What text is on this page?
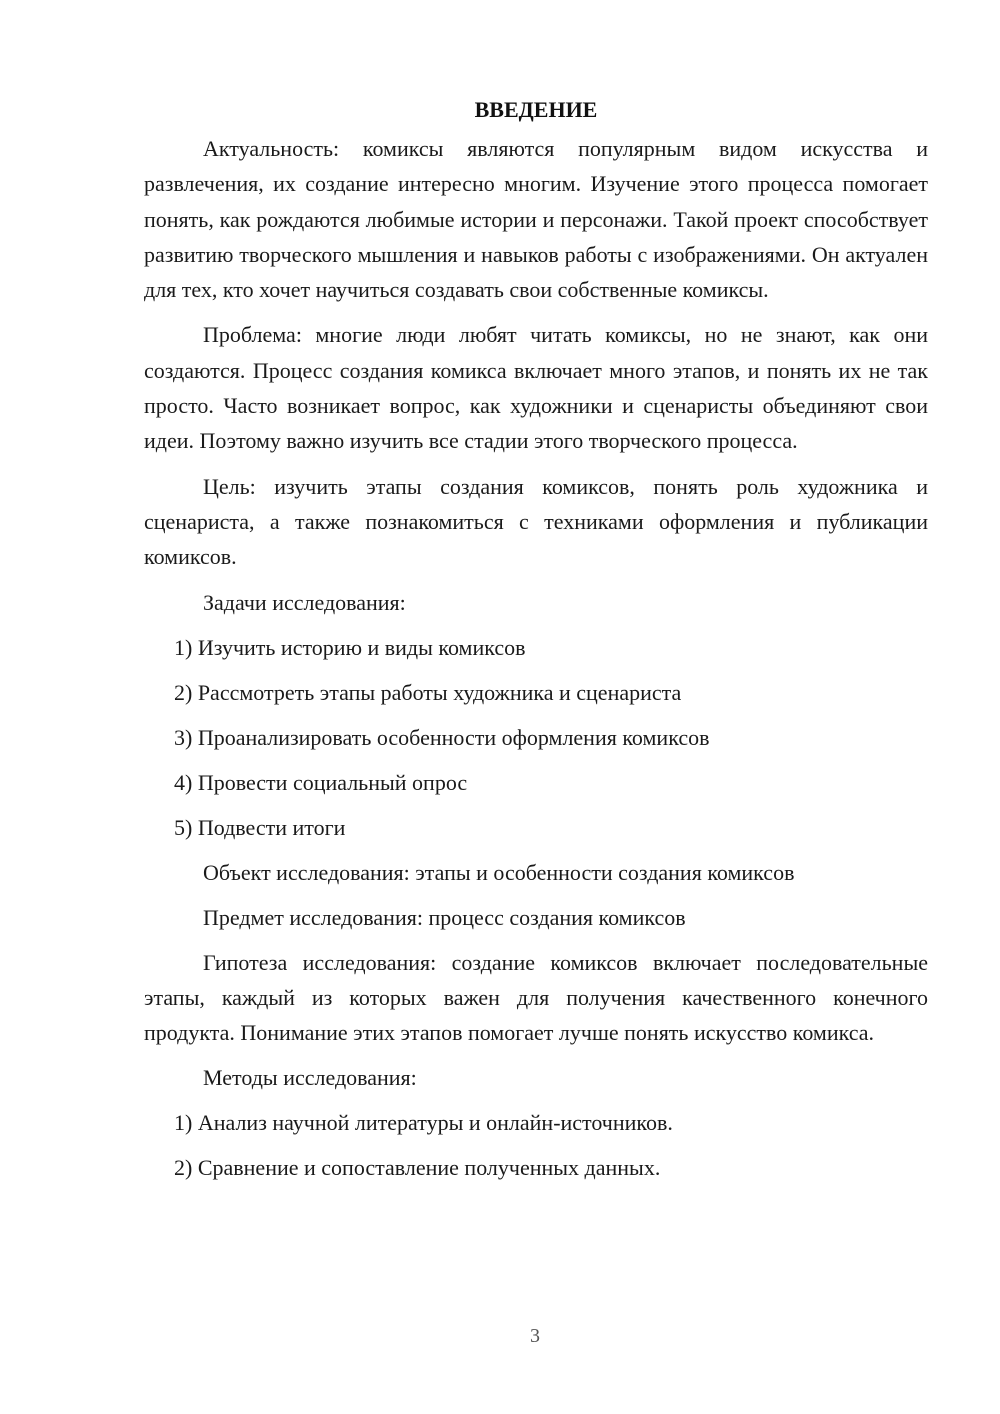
ВВЕДЕНИЕ

Актуальность: комиксы являются популярным видом искусства и развлечения, их создание интересно многим. Изучение этого процесса помогает понять, как рождаются любимые истории и персонажи. Такой проект способствует развитию творческого мышления и навыков работы с изображениями. Он актуален для тех, кто хочет научиться создавать свои собственные комиксы.

Проблема: многие люди любят читать комиксы, но не знают, как они создаются. Процесс создания комикса включает много этапов, и понять их не так просто. Часто возникает вопрос, как художники и сценаристы объединяют свои идеи. Поэтому важно изучить все стадии этого творческого процесса.

Цель: изучить этапы создания комиксов, понять роль художника и сценариста, а также познакомиться с техниками оформления и публикации комиксов.

Задачи исследования:
1) Изучить историю и виды комиксов
2) Рассмотреть этапы работы художника и сценариста
3) Проанализировать особенности оформления комиксов
4) Провести социальный опрос
5) Подвести итоги
Объект исследования: этапы и особенности создания комиксов
Предмет исследования: процесс создания комиксов

Гипотеза исследования: создание комиксов включает последовательные этапы, каждый из которых важен для получения качественного конечного продукта. Понимание этих этапов помогает лучше понять искусство комикса.

Методы исследования:
1) Анализ научной литературы и онлайн-источников.
2) Сравнение и сопоставление полученных данных.
3
